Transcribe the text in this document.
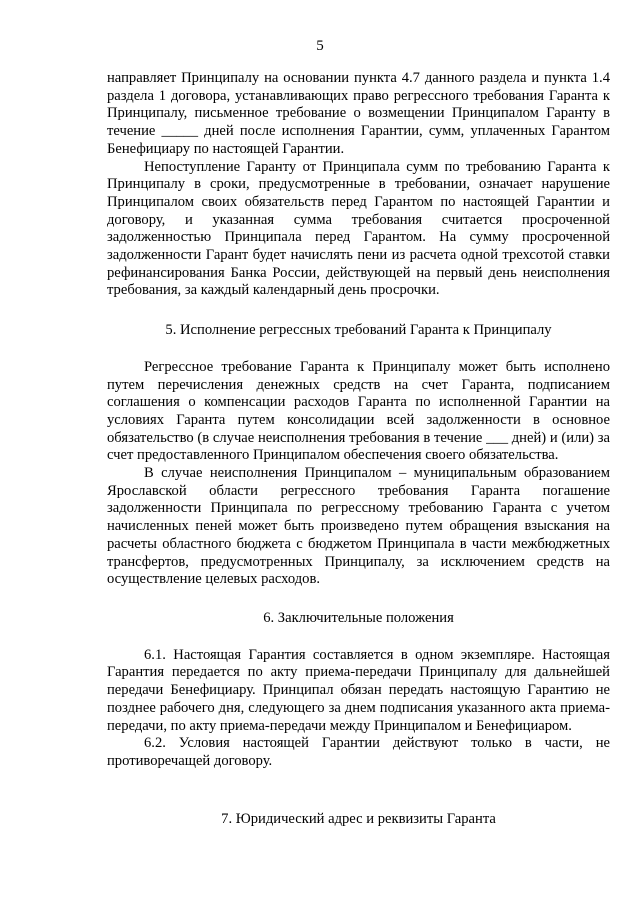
5

направляет Принципалу на основании пункта 4.7 данного раздела и пункта 1.4 раздела 1 договора, устанавливающих право регрессного требования Гаранта к Принципалу, письменное требование о возмещении Принципалом Гаранту в течение _____ дней после исполнения Гарантии, сумм, уплаченных Гарантом Бенефициару по настоящей Гарантии.

Непоступление Гаранту от Принципала сумм по требованию Гаранта к Принципалу в сроки, предусмотренные в требовании, означает нарушение Принципалом своих обязательств перед Гарантом по настоящей Гарантии и договору, и указанная сумма требования считается просроченной задолженностью Принципала перед Гарантом. На сумму просроченной задолженности Гарант будет начислять пени из расчета одной трехсотой ставки рефинансирования Банка России, действующей на первый день неисполнения требования, за каждый календарный день просрочки.

5. Исполнение регрессных требований Гаранта к Принципалу

Регрессное требование Гаранта к Принципалу может быть исполнено путем перечисления денежных средств на счет Гаранта, подписанием соглашения о компенсации расходов Гаранта по исполненной Гарантии на условиях Гаранта путем консолидации всей задолженности в основное обязательство (в случае неисполнения требования в течение ___ дней) и (или) за счет предоставленного Принципалом обеспечения своего обязательства.

В случае неисполнения Принципалом – муниципальным образованием Ярославской области регрессного требования Гаранта погашение задолженности Принципала по регрессному требованию Гаранта с учетом начисленных пеней может быть произведено путем обращения взыскания на расчеты областного бюджета с бюджетом Принципала в части межбюджетных трансфертов, предусмотренных Принципалу, за исключением средств на осуществление целевых расходов.

6. Заключительные положения

6.1. Настоящая Гарантия составляется в одном экземпляре. Настоящая Гарантия передается по акту приема-передачи Принципалу для дальнейшей передачи Бенефициару. Принципал обязан передать настоящую Гарантию не позднее рабочего дня, следующего за днем подписания указанного акта приема-передачи, по акту приема-передачи между Принципалом и Бенефициаром.

6.2. Условия настоящей Гарантии действуют только в части, не противоречащей договору.

7. Юридический адрес и реквизиты Гаранта
